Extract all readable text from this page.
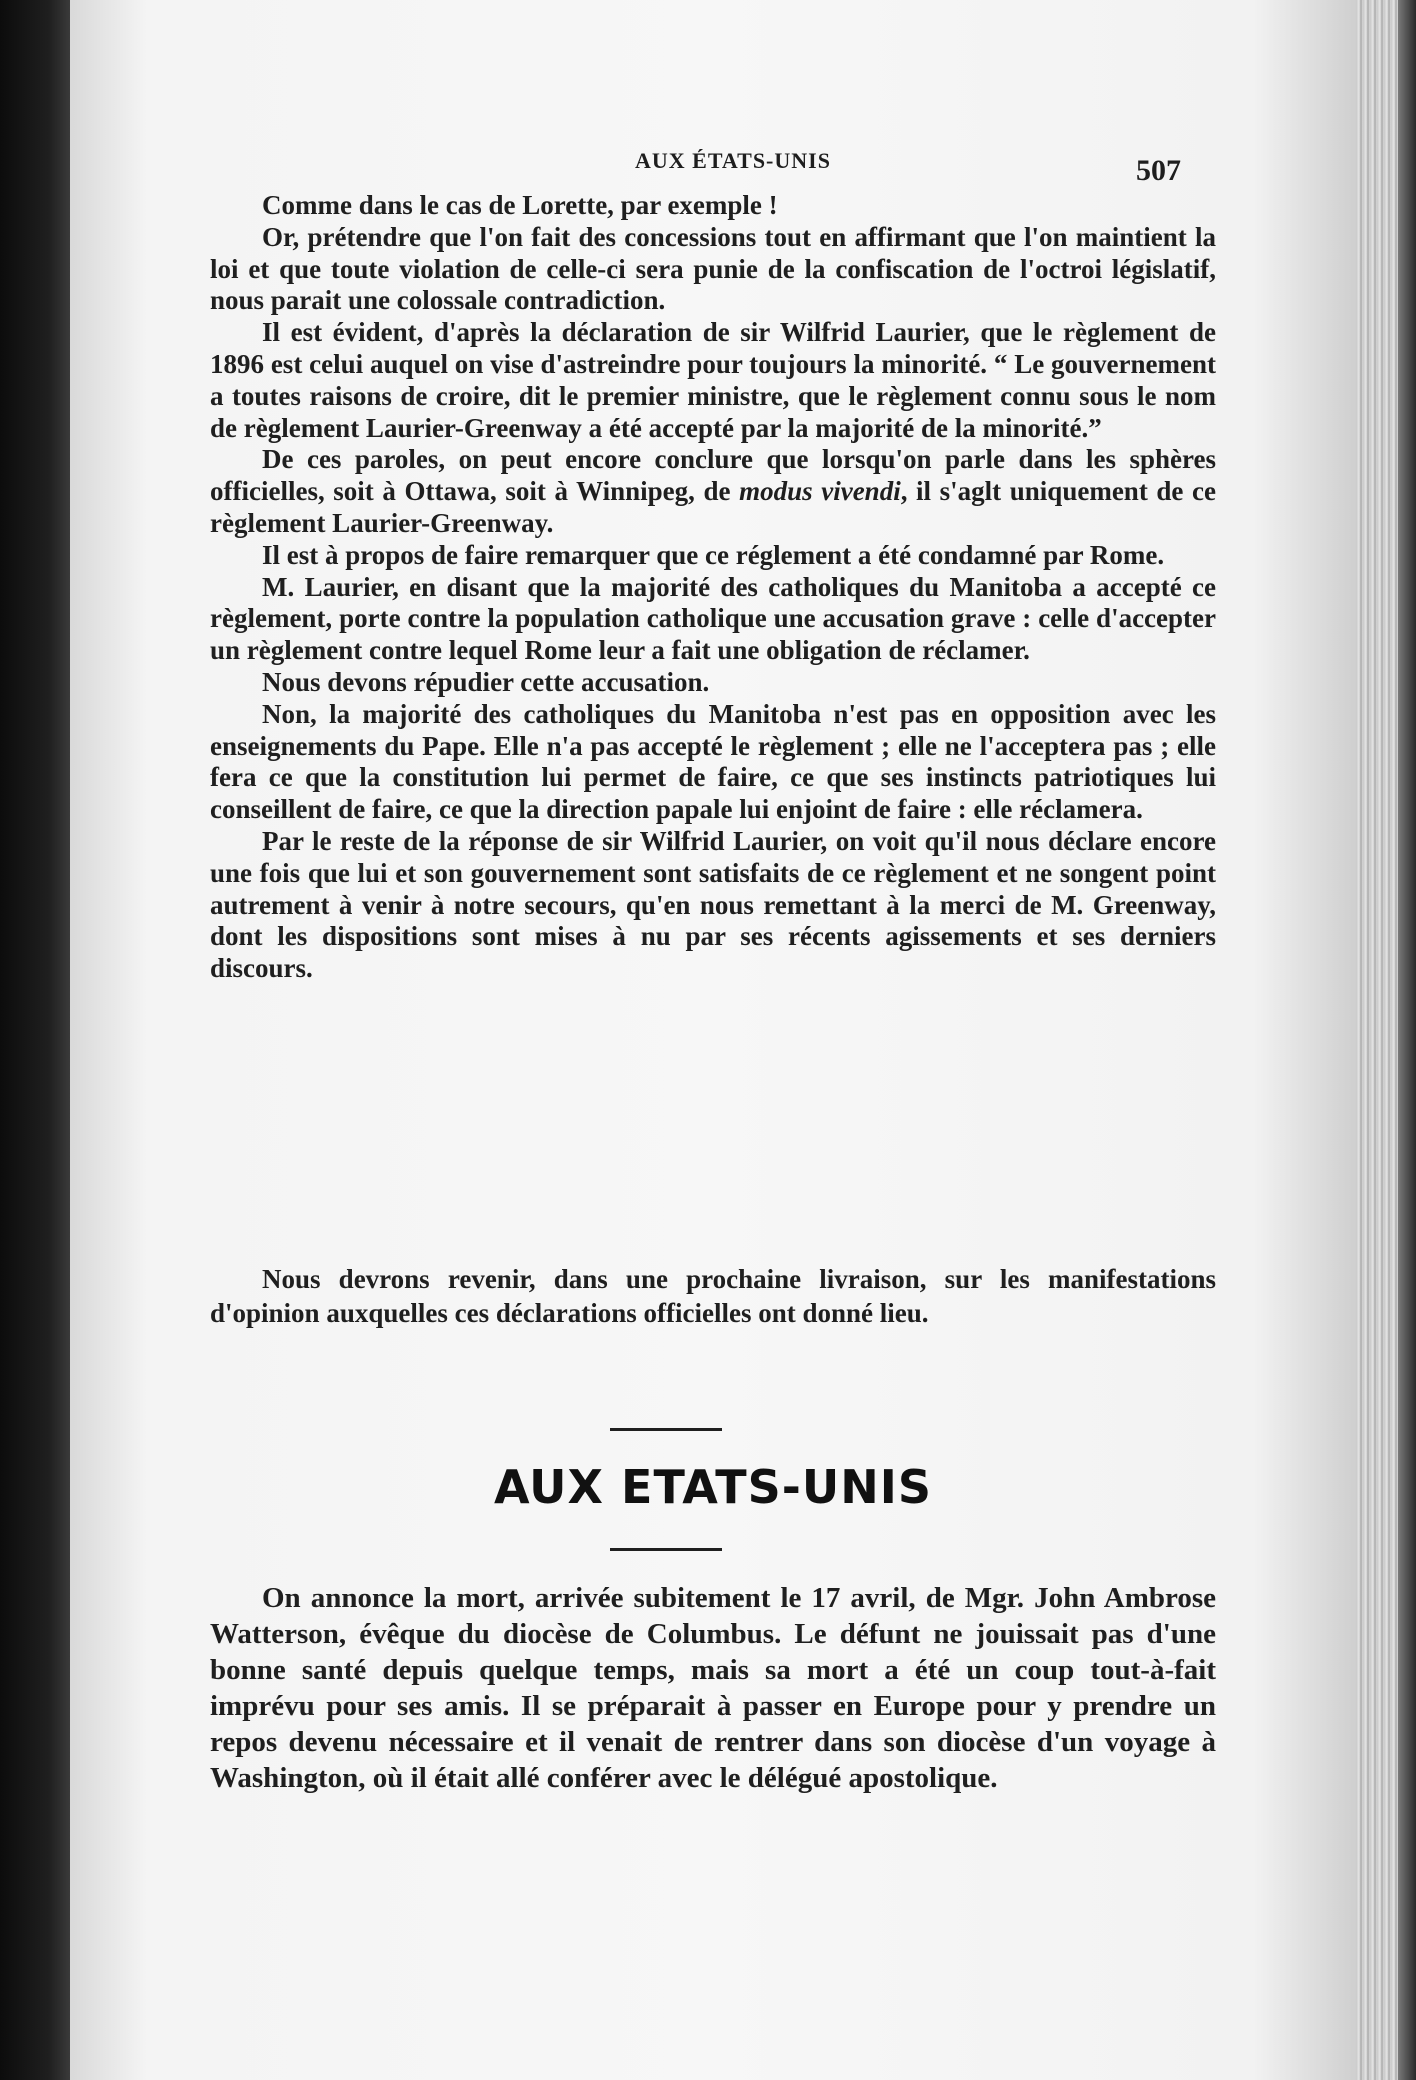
AUX ÉTATS-UNIS	507

Comme dans le cas de Lorette, par exemple !

Or, prétendre que l'on fait des concessions tout en affirmant que l'on maintient la loi et que toute violation de celle-ci sera punie de la confiscation de l'octroi législatif, nous parait une colossale contradiction.

Il est évident, d'après la déclaration de sir Wilfrid Laurier, que le règlement de 1896 est celui auquel on vise d'astreindre pour toujours la minorité. “ Le gouvernement a toutes raisons de croire, dit le premier ministre, que le règlement connu sous le nom de règlement Laurier-Greenway a été accepté par la majorité de la minorité.”

De ces paroles, on peut encore conclure que lorsqu'on parle dans les sphères officielles, soit à Ottawa, soit à Winnipeg, de modus vivendi, il s'aglt uniquement de ce règlement Laurier-Greenway.

Il est à propos de faire remarquer que ce réglement a été condamné par Rome.

M. Laurier, en disant que la majorité des catholiques du Manitoba a accepté ce règlement, porte contre la population catholique une accusation grave : celle d'accepter un règlement contre lequel Rome leur a fait une obligation de réclamer.

Nous devons répudier cette accusation.

Non, la majorité des catholiques du Manitoba n'est pas en opposition avec les enseignements du Pape. Elle n'a pas accepté le règlement ; elle ne l'acceptera pas ; elle fera ce que la constitution lui permet de faire, ce que ses instincts patriotiques lui conseillent de faire, ce que la direction papale lui enjoint de faire : elle réclamera.

Par le reste de la réponse de sir Wilfrid Laurier, on voit qu'il nous déclare encore une fois que lui et son gouvernement sont satisfaits de ce règlement et ne songent point autrement à venir à notre secours, qu'en nous remettant à la merci de M. Greenway, dont les dispositions sont mises à nu par ses récents agissements et ses derniers discours.

Nous devrons revenir, dans une prochaine livraison, sur les manifestations d'opinion auxquelles ces déclarations officielles ont donné lieu.

AUX ETATS-UNIS

On annonce la mort, arrivée subitement le 17 avril, de Mgr. John Ambrose Watterson, évêque du diocèse de Columbus. Le défunt ne jouissait pas d'une bonne santé depuis quelque temps, mais sa mort a été un coup tout-à-fait imprévu pour ses amis. Il se préparait à passer en Europe pour y prendre un repos devenu nécessaire et il venait de rentrer dans son diocèse d'un voyage à Washington, où il était allé conférer avec le délégué apostolique.
